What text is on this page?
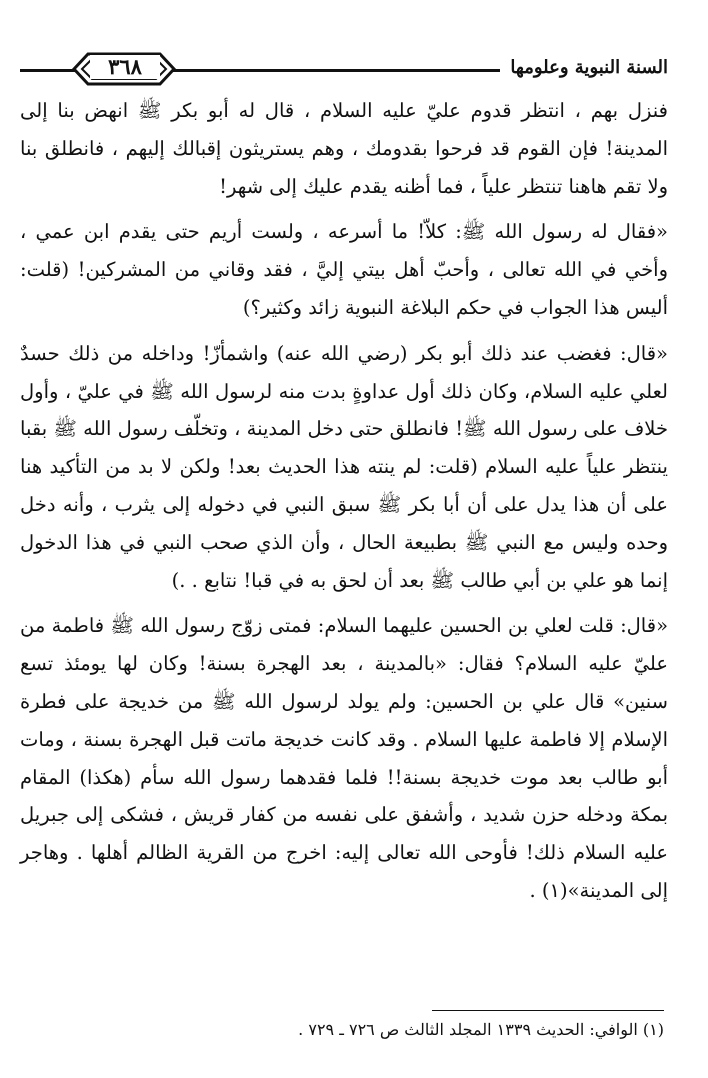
٣٦٨	السنة النبوية وعلومها

فنزل بهم ، انتظر قدوم عليّ عليه السلام ، قال له أبو بكر ﷺ انهض بنا إلى المدينة! فإن القوم قد فرحوا بقدومك ، وهم يستريثون إقبالك إليهم ، فانطلق بنا ولا تقم هاهنا تنتظر علياً ، فما أظنه يقدم عليك إلى شهر!

«فقال له رسول الله ﷺ: كلاّ! ما أسرعه ، ولست أريم حتى يقدم ابن عمي ، وأخي في الله تعالى ، وأحبّ أهل بيتي إليَّ ، فقد وقاني من المشركين! (قلت: أليس هذا الجواب في حكم البلاغة النبوية زائد وكثير؟)

«قال: فغضب عند ذلك أبو بكر (رضي الله عنه) واشمأزّ! وداخله من ذلك حسدٌ لعلي عليه السلام، وكان ذلك أول عداوةٍ بدت منه لرسول الله ﷺ في عليّ ، وأول خلاف على رسول الله ﷺ! فانطلق حتى دخل المدينة ، وتخلّف رسول الله ﷺ بقبا ينتظر علياً عليه السلام (قلت: لم ينته هذا الحديث بعد! ولكن لا بد من التأكيد هنا على أن هذا يدل على أن أبا بكر ﷺ سبق النبي في دخوله إلى يثرب ، وأنه دخل وحده وليس مع النبي ﷺ بطبيعة الحال ، وأن الذي صحب النبي في هذا الدخول إنما هو علي بن أبي طالب ﷺ بعد أن لحق به في قبا! نتابع . .)

«قال: قلت لعلي بن الحسين عليهما السلام: فمتى زوّج رسول الله ﷺ فاطمة من عليّ عليه السلام؟ فقال: «بالمدينة ، بعد الهجرة بسنة! وكان لها يومئذ تسع سنين» قال علي بن الحسين: ولم يولد لرسول الله ﷺ من خديجة على فطرة الإسلام إلا فاطمة عليها السلام . وقد كانت خديجة ماتت قبل الهجرة بسنة ، ومات أبو طالب بعد موت خديجة بسنة!! فلما فقدهما رسول الله سأم (هكذا) المقام بمكة ودخله حزن شديد ، وأشفق على نفسه من كفار قريش ، فشكى إلى جبريل عليه السلام ذلك! فأوحى الله تعالى إليه: اخرج من القرية الظالم أهلها . وهاجر إلى المدينة»(١) .

(١) الوافي: الحديث ١٣٣٩ المجلد الثالث ص ٧٢٦ ـ ٧٢٩ .
